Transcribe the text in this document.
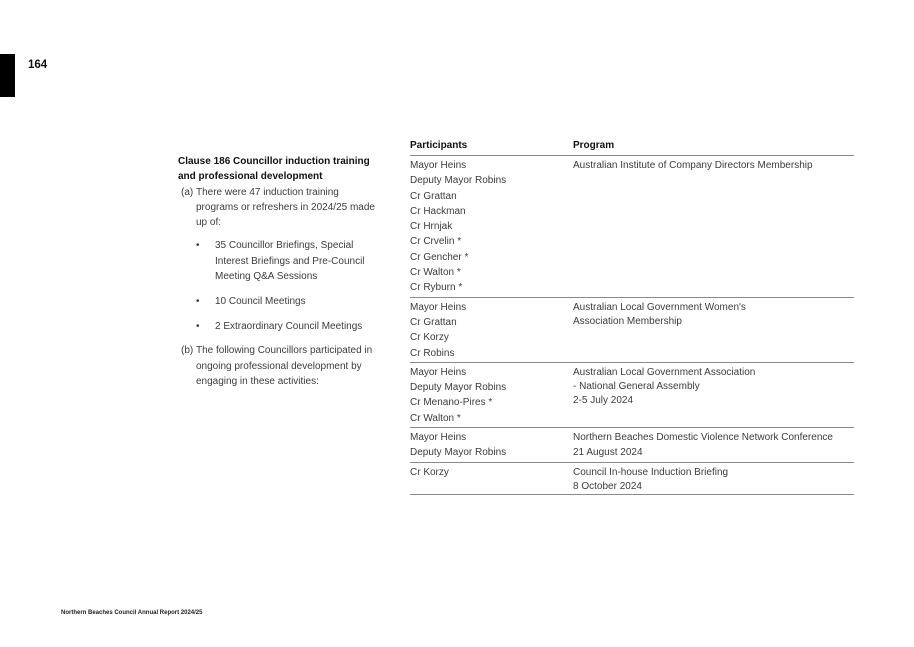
164

Clause 186 Councillor induction training and professional development

(a) There were 47 induction training programs or refreshers in 2024/25 made up of:

• 35 Councillor Briefings, Special Interest Briefings and Pre-Council Meeting Q&A Sessions
• 10 Council Meetings
• 2 Extraordinary Council Meetings

(b) The following Councillors participated in ongoing professional development by engaging in these activities:

Participants	Program
Mayor Heins
Deputy Mayor Robins
Cr Grattan
Cr Hackman
Cr Hrnjak
Cr Crvelin *
Cr Gencher *
Cr Walton *
Cr Ryburn *
Australian Institute of Company Directors Membership
Mayor Heins
Cr Grattan
Cr Korzy
Cr Robins
Australian Local Government Women's
Association Membership
Mayor Heins
Deputy Mayor Robins
Cr Menano-Pires *
Cr Walton *
Australian Local Government Association
- National General Assembly
2-5 July 2024
Mayor Heins
Deputy Mayor Robins
Northern Beaches Domestic Violence Network Conference
21 August 2024
Cr Korzy	Council In-house Induction Briefing
8 October 2024
Northern Beaches Council Annual Report 2024/25
